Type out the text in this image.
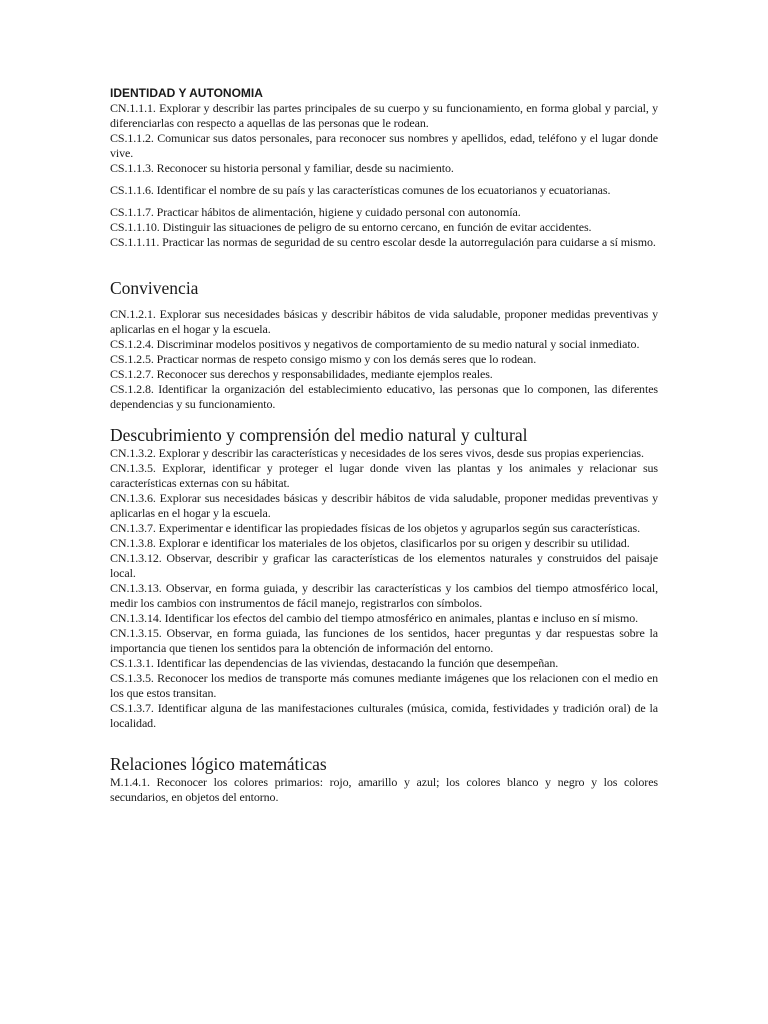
IDENTIDAD Y AUTONOMIA

CN.1.1.1. Explorar y describir las partes principales de su cuerpo y su funcionamiento, en forma global y parcial, y diferenciarlas con respecto a aquellas de las personas que le rodean.

CS.1.1.2. Comunicar sus datos personales, para reconocer sus nombres y apellidos, edad, teléfono y el lugar donde vive.

CS.1.1.3. Reconocer su historia personal y familiar, desde su nacimiento.

CS.1.1.6. Identificar el nombre de su país y las características comunes de los ecuatorianos y ecuatorianas.

CS.1.1.7. Practicar hábitos de alimentación, higiene y cuidado personal con autonomía.

CS.1.1.10. Distinguir las situaciones de peligro de su entorno cercano, en función de evitar accidentes.

CS.1.1.11. Practicar las normas de seguridad de su centro escolar desde la autorregulación para cuidarse a sí mismo.

Convivencia

CN.1.2.1. Explorar sus necesidades básicas y describir hábitos de vida saludable, proponer medidas preventivas y aplicarlas en el hogar y la escuela.

CS.1.2.4. Discriminar modelos positivos y negativos de comportamiento de su medio natural y social inmediato.

CS.1.2.5. Practicar normas de respeto consigo mismo y con los demás seres que lo rodean.

CS.1.2.7. Reconocer sus derechos y responsabilidades, mediante ejemplos reales.

CS.1.2.8. Identificar la organización del establecimiento educativo, las personas que lo componen, las diferentes dependencias y su funcionamiento.

Descubrimiento y comprensión del medio natural y cultural

CN.1.3.2. Explorar y describir las características y necesidades de los seres vivos, desde sus propias experiencias.

CN.1.3.5. Explorar, identificar y proteger el lugar donde viven las plantas y los animales y relacionar sus características externas con su hábitat.

CN.1.3.6. Explorar sus necesidades básicas y describir hábitos de vida saludable, proponer medidas preventivas y aplicarlas en el hogar y la escuela.

CN.1.3.7. Experimentar e identificar las propiedades físicas de los objetos y agruparlos según sus características.

CN.1.3.8. Explorar e identificar los materiales de los objetos, clasificarlos por su origen y describir su utilidad.

CN.1.3.12. Observar, describir y graficar las características de los elementos naturales y construidos del paisaje local.

CN.1.3.13. Observar, en forma guiada, y describir las características y los cambios del tiempo atmosférico local, medir los cambios con instrumentos de fácil manejo, registrarlos con símbolos.

CN.1.3.14. Identificar los efectos del cambio del tiempo atmosférico en animales, plantas e incluso en sí mismo.

CN.1.3.15. Observar, en forma guiada, las funciones de los sentidos, hacer preguntas y dar respuestas sobre la importancia que tienen los sentidos para la obtención de información del entorno.

CS.1.3.1. Identificar las dependencias de las viviendas, destacando la función que desempeñan.

CS.1.3.5. Reconocer los medios de transporte más comunes mediante imágenes que los relacionen con el medio en los que estos transitan.

CS.1.3.7. Identificar alguna de las manifestaciones culturales (música, comida, festividades y tradición oral) de la localidad.

Relaciones lógico matemáticas

M.1.4.1. Reconocer los colores primarios: rojo, amarillo y azul; los colores blanco y negro y los colores secundarios, en objetos del entorno.
